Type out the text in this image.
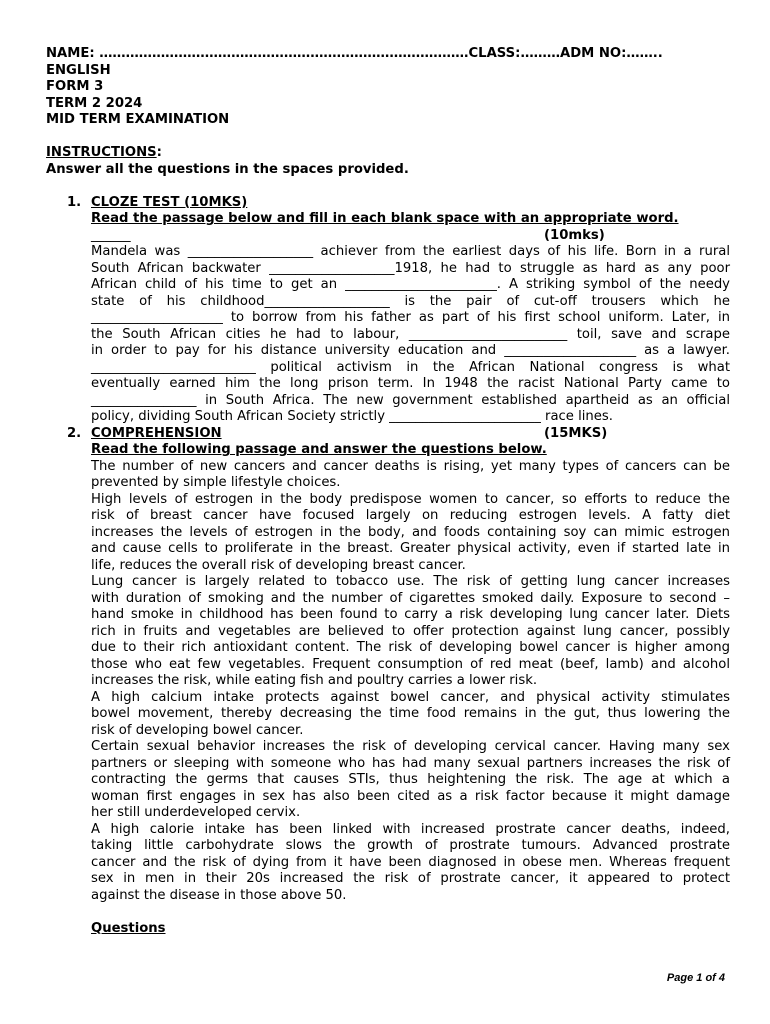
NAME: …………………………………………………………………………CLASS:………ADM NO:……..
ENGLISH
FORM 3
TERM 2 2024
MID TERM EXAMINATION
INSTRUCTIONS:
Answer all the questions in the spaces provided.
1. CLOZE TEST (10MKS)
Read the passage below and fill in each blank space with an appropriate word.
______	(10mks)
Mandela was ___________________ achiever from the earliest days of his life. Born in a rural
South African backwater ___________________1918, he had to struggle as hard as any poor
African child of his time to get an _______________________. A striking symbol of the needy
state of his childhood___________________ is the pair of cut-off trousers which he
____________________ to borrow from his father as part of his first school uniform. Later, in
the South African cities he had to labour, ________________________ toil, save and scrape
in order to pay for his distance university education and ____________________ as a lawyer.
_________________________ political activism in the African National congress is what
eventually earned him the long prison term. In 1948 the racist National Party came to
________________ in South Africa. The new government established apartheid as an official
policy, dividing South African Society strictly _______________________ race lines.
2. COMPREHENSION	(15MKS)
Read the following passage and answer the questions below.
The number of new cancers and cancer deaths is rising, yet many types of cancers can be
prevented by simple lifestyle choices.
High levels of estrogen in the body predispose women to cancer, so efforts to reduce the
risk of breast cancer have focused largely on reducing estrogen levels. A fatty diet
increases the levels of estrogen in the body, and foods containing soy can mimic estrogen
and cause cells to proliferate in the breast. Greater physical activity, even if started late in
life, reduces the overall risk of developing breast cancer.
Lung cancer is largely related to tobacco use. The risk of getting lung cancer increases
with duration of smoking and the number of cigarettes smoked daily. Exposure to second –
hand smoke in childhood has been found to carry a risk developing lung cancer later. Diets
rich in fruits and vegetables are believed to offer protection against lung cancer, possibly
due to their rich antioxidant content. The risk of developing bowel cancer is higher among
those who eat few vegetables. Frequent consumption of red meat (beef, lamb) and alcohol
increases the risk, while eating fish and poultry carries a lower risk.
A high calcium intake protects against bowel cancer, and physical activity stimulates
bowel movement, thereby decreasing the time food remains in the gut, thus lowering the
risk of developing bowel cancer.
Certain sexual behavior increases the risk of developing cervical cancer. Having many sex
partners or sleeping with someone who has had many sexual partners increases the risk of
contracting the germs that causes STIs, thus heightening the risk. The age at which a
woman first engages in sex has also been cited as a risk factor because it might damage
her still underdeveloped cervix.
A high calorie intake has been linked with increased prostrate cancer deaths, indeed,
taking little carbohydrate slows the growth of prostrate tumours. Advanced prostrate
cancer and the risk of dying from it have been diagnosed in obese men. Whereas frequent
sex in men in their 20s increased the risk of prostrate cancer, it appeared to protect
against the disease in those above 50.
Questions
Page 1 of 4
